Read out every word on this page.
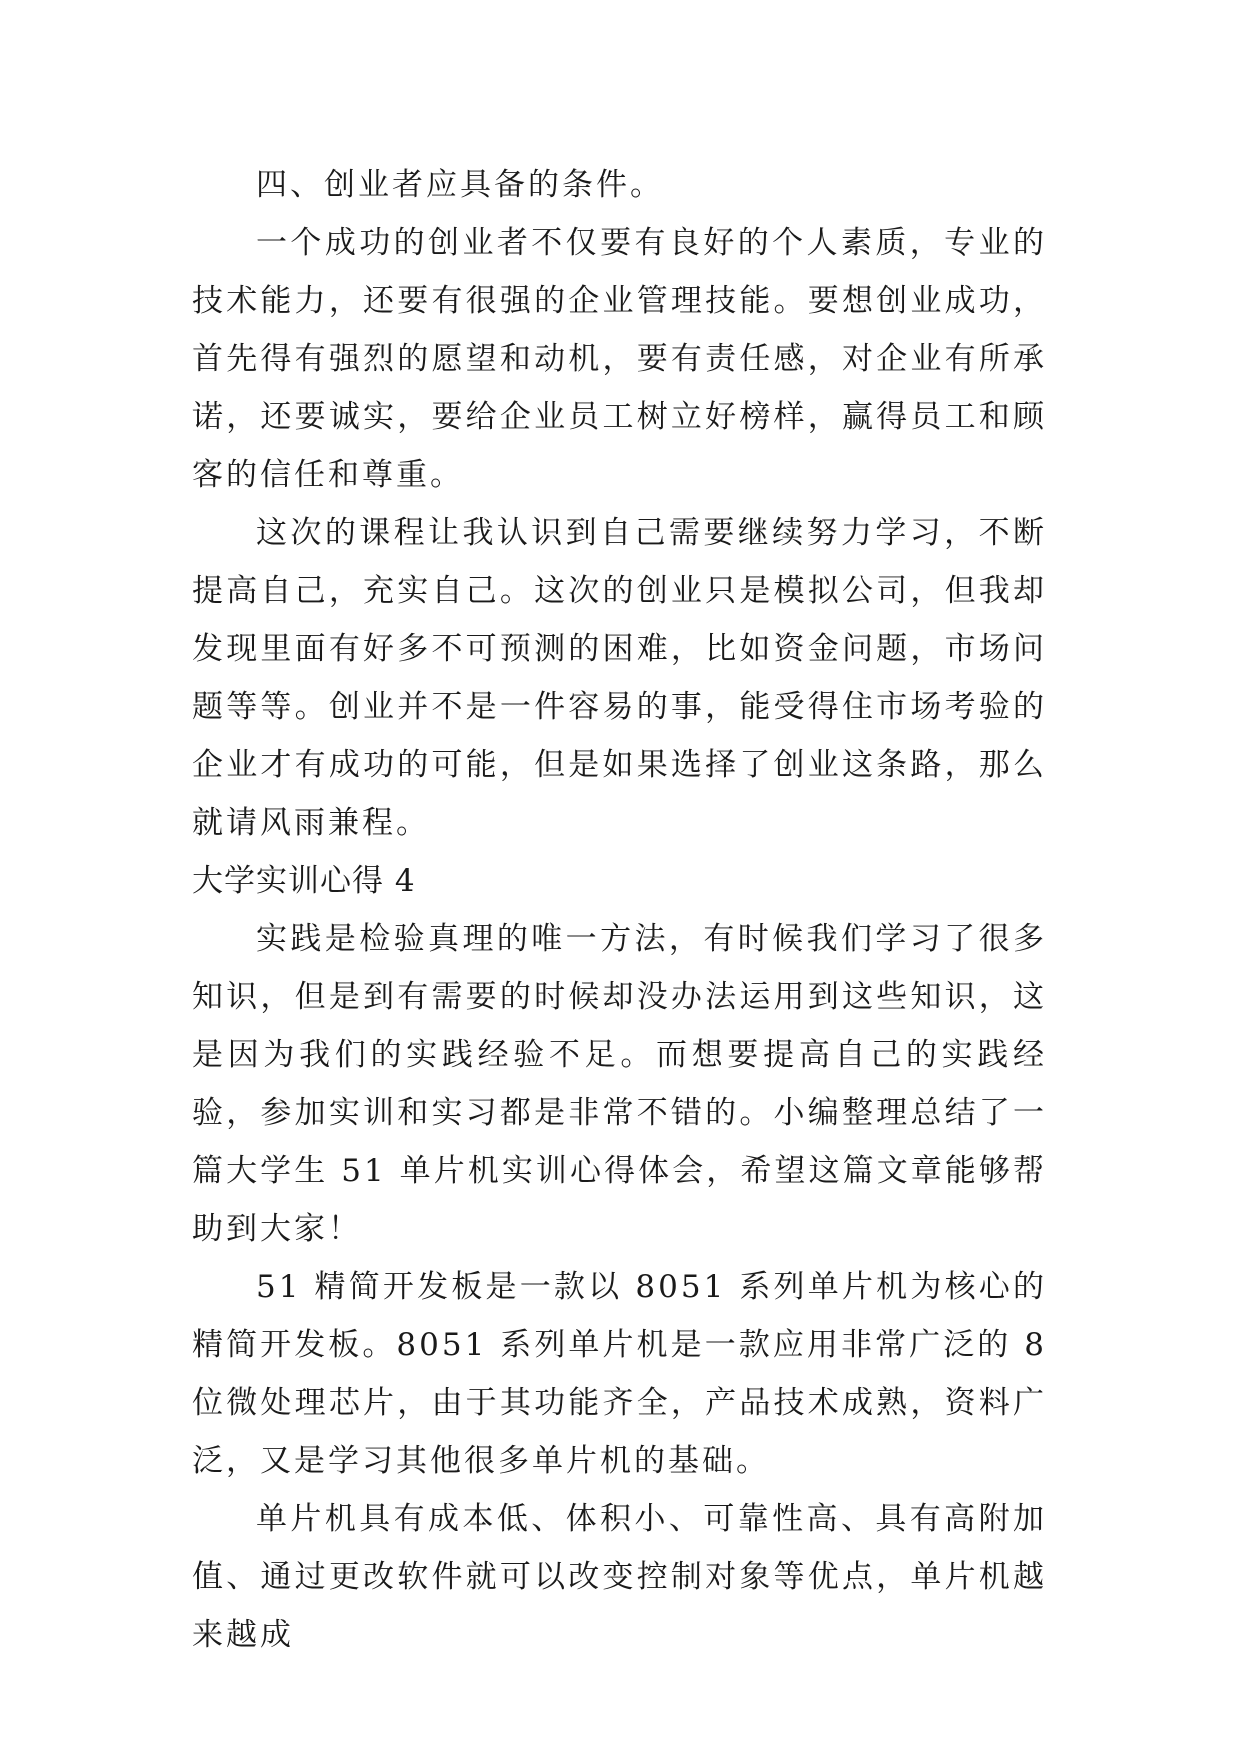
四、创业者应具备的条件。

一个成功的创业者不仅要有良好的个人素质，专业的技术能力，还要有很强的企业管理技能。要想创业成功，首先得有强烈的愿望和动机，要有责任感，对企业有所承诺，还要诚实，要给企业员工树立好榜样，赢得员工和顾客的信任和尊重。

这次的课程让我认识到自己需要继续努力学习，不断提高自己，充实自己。这次的创业只是模拟公司，但我却发现里面有好多不可预测的困难，比如资金问题，市场问题等等。创业并不是一件容易的事，能受得住市场考验的企业才有成功的可能，但是如果选择了创业这条路，那么就请风雨兼程。

大学实训心得 4

实践是检验真理的唯一方法，有时候我们学习了很多知识，但是到有需要的时候却没办法运用到这些知识，这是因为我们的实践经验不足。而想要提高自己的实践经验，参加实训和实习都是非常不错的。小编整理总结了一篇大学生 51 单片机实训心得体会，希望这篇文章能够帮助到大家！

51 精简开发板是一款以 8051 系列单片机为核心的精简开发板。8051 系列单片机是一款应用非常广泛的 8 位微处理芯片，由于其功能齐全，产品技术成熟，资料广泛，又是学习其他很多单片机的基础。

单片机具有成本低、体积小、可靠性高、具有高附加值、通过更改软件就可以改变控制对象等优点，单片机越来越成
